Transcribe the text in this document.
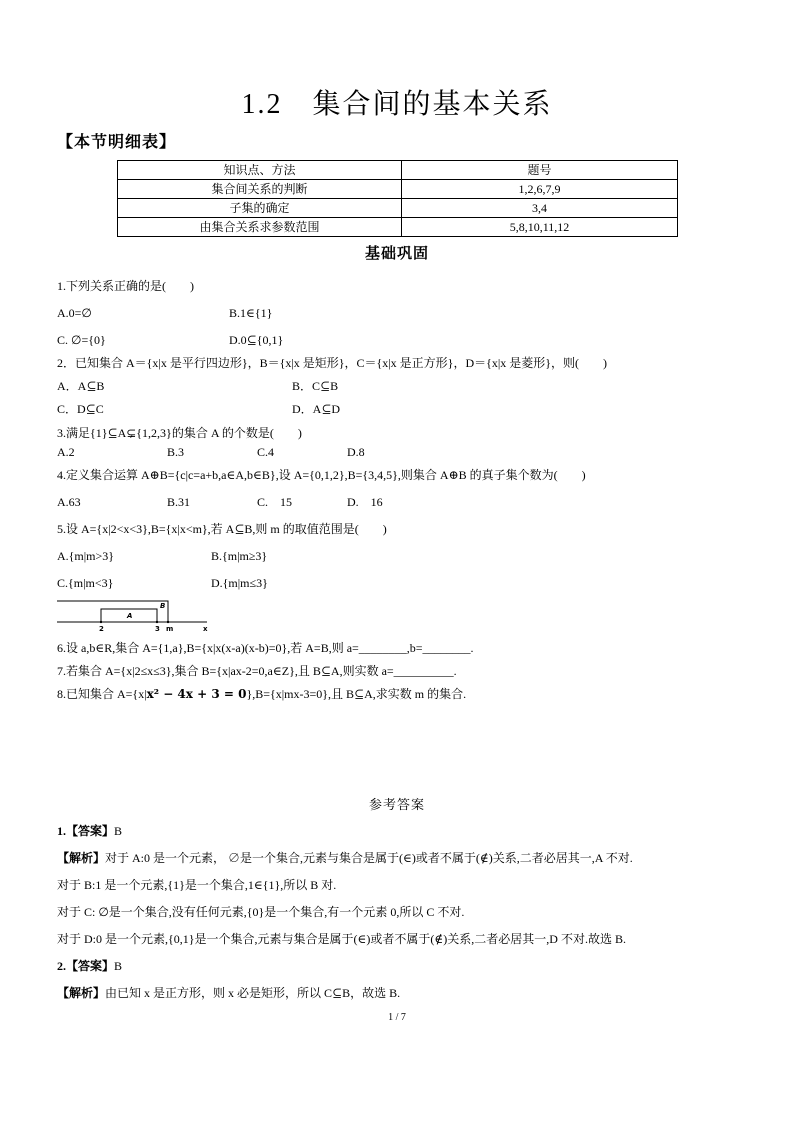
1.2　集合间的基本关系
【本节明细表】
知识点、方法	题号
集合间关系的判断	1,2,6,7,9
子集的确定	3,4
由集合关系求参数范围	5,8,10,11,12
基础巩固
1.下列关系正确的是(　　)
A.0=∅	B.1∈{1}
C. ∅={0}	D.0⊆{0,1}
2．已知集合 A＝{x|x 是平行四边形}，B＝{x|x 是矩形}，C＝{x|x 是正方形}，D＝{x|x 是菱形}，则(　　)
A．A⊆B	B．C⊆B
C．D⊆C	D．A⊆D
3.满足{1}⊆A⊊{1,2,3}的集合 A 的个数是(　　)
A.2	B.3	C.4	D.8
4.定义集合运算 A⊕B={c|c=a+b,a∈A,b∈B},设 A={0,1,2},B={3,4,5},则集合 A⊕B 的真子集个数为(　　)
A.63	B.31	C.　15	D.　16
5.设 A={x|2<x<3},B={x|x<m},若 A⊆B,则 m 的取值范围是(　　)
A.{m|m>3}	B.{m|m≥3}
C.{m|m<3}	D.{m|m≤3}
A
B
2	3 m	x
6.设 a,b∈R,集合 A={1,a},B={x|x(x-a)(x-b)=0},若 A=B,则 a=________,b=________.
7.若集合 A={x|2≤x≤3},集合 B={x|ax-2=0,a∈Z},且 B⊆A,则实数 a=__________.
8.已知集合 A={x|x² − 4x + 3 = 0},B={x|mx-3=0},且 B⊆A,求实数 m 的集合.
参考答案
1.【答案】B
【解析】对于 A:0 是一个元素， ∅是一个集合,元素与集合是属于(∈)或者不属于(∉)关系,二者必居其一,A 不对.
对于 B:1 是一个元素,{1}是一个集合,1∈{1},所以 B 对.
对于 C: ∅是一个集合,没有任何元素,{0}是一个集合,有一个元素 0,所以 C 不对.
对于 D:0 是一个元素,{0,1}是一个集合,元素与集合是属于(∈)或者不属于(∉)关系,二者必居其一,D 不对.故选 B.
2.【答案】B
【解析】由已知 x 是正方形，则 x 必是矩形，所以 C⊆B，故选 B.
1 / 7
